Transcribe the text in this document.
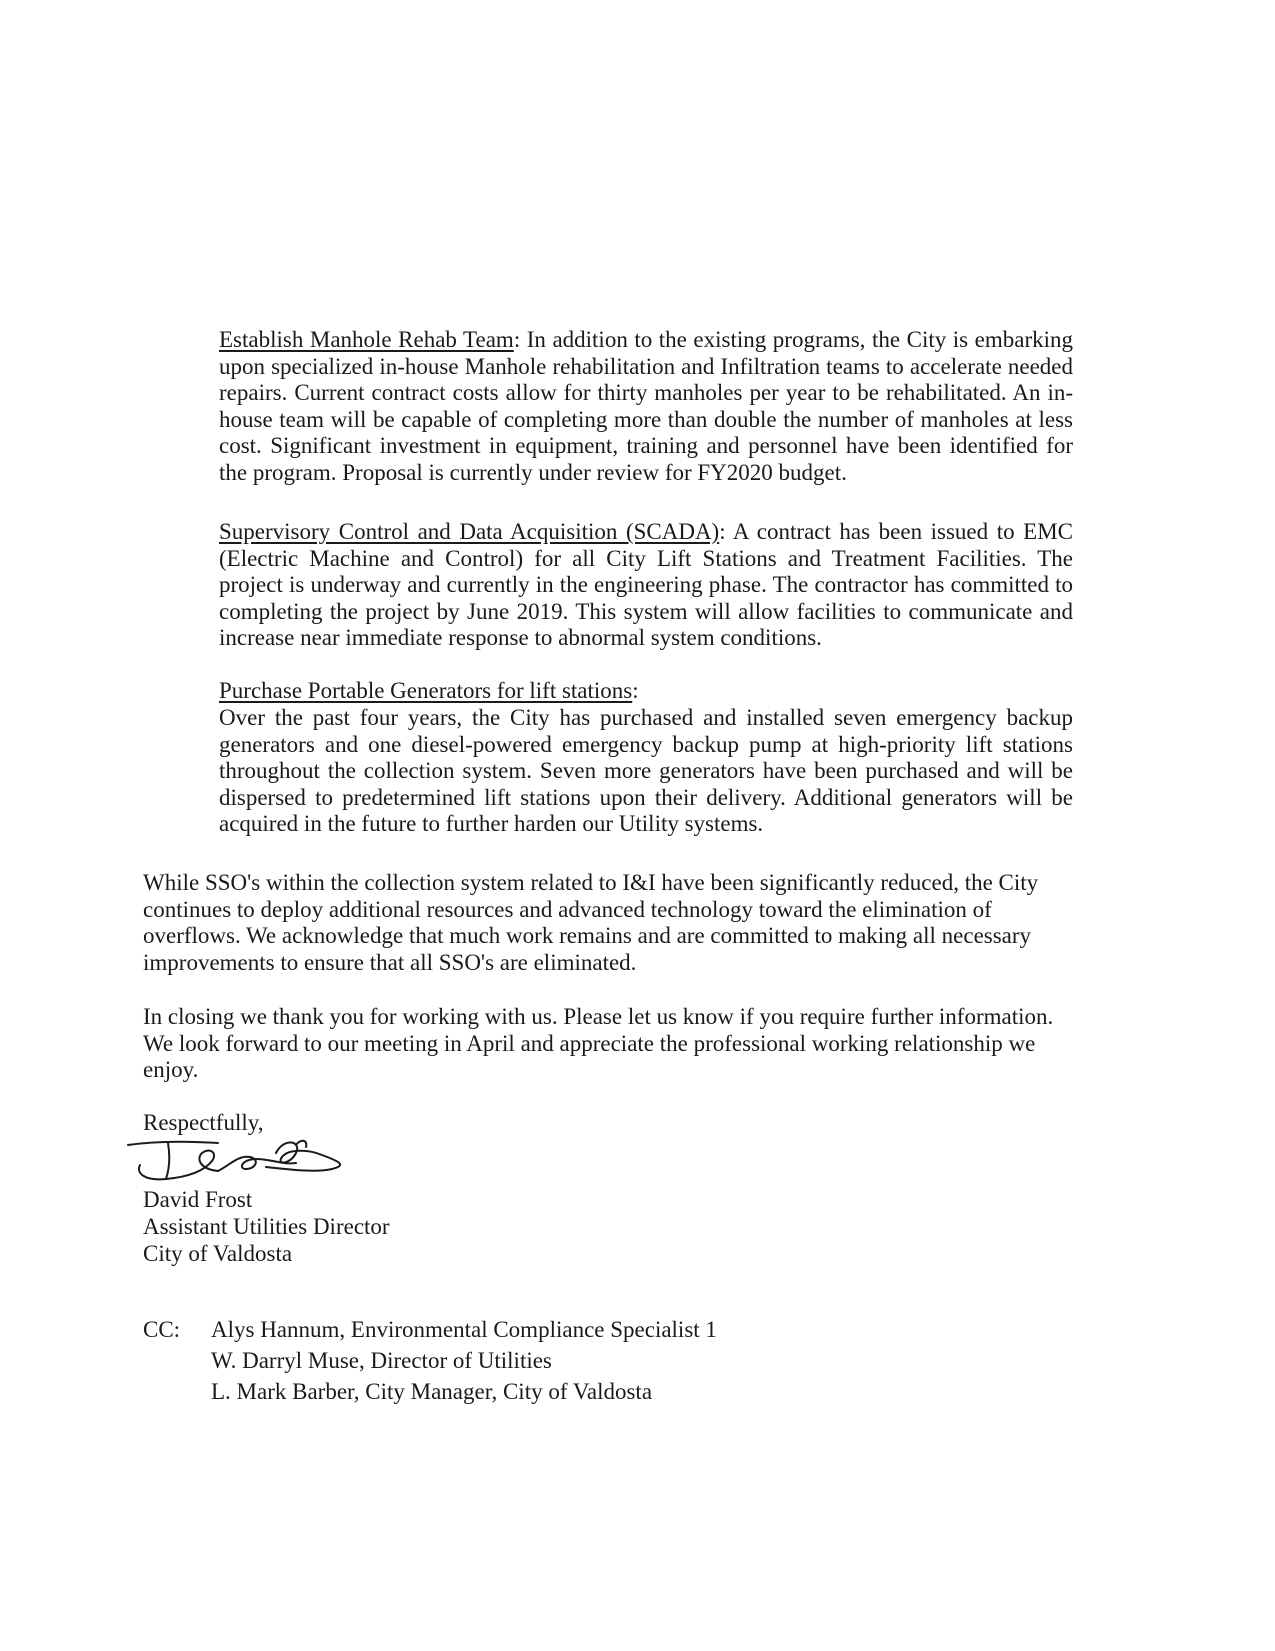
Establish Manhole Rehab Team: In addition to the existing programs, the City is embarking upon specialized in-house Manhole rehabilitation and Infiltration teams to accelerate needed repairs. Current contract costs allow for thirty manholes per year to be rehabilitated. An in-house team will be capable of completing more than double the number of manholes at less cost. Significant investment in equipment, training and personnel have been identified for the program. Proposal is currently under review for FY2020 budget.

Supervisory Control and Data Acquisition (SCADA): A contract has been issued to EMC (Electric Machine and Control) for all City Lift Stations and Treatment Facilities. The project is underway and currently in the engineering phase. The contractor has committed to completing the project by June 2019. This system will allow facilities to communicate and increase near immediate response to abnormal system conditions.

Purchase Portable Generators for lift stations:

Over the past four years, the City has purchased and installed seven emergency backup generators and one diesel-powered emergency backup pump at high-priority lift stations throughout the collection system. Seven more generators have been purchased and will be dispersed to predetermined lift stations upon their delivery. Additional generators will be acquired in the future to further harden our Utility systems.

While SSO's within the collection system related to I&I have been significantly reduced, the City continues to deploy additional resources and advanced technology toward the elimination of overflows. We acknowledge that much work remains and are committed to making all necessary improvements to ensure that all SSO's are eliminated.

In closing we thank you for working with us. Please let us know if you require further information. We look forward to our meeting in April and appreciate the professional working relationship we enjoy.

Respectfully,
David Frost
Assistant Utilities Director
City of Valdosta
CC: Alys Hannum, Environmental Compliance Specialist 1
W. Darryl Muse, Director of Utilities
L. Mark Barber, City Manager, City of Valdosta
